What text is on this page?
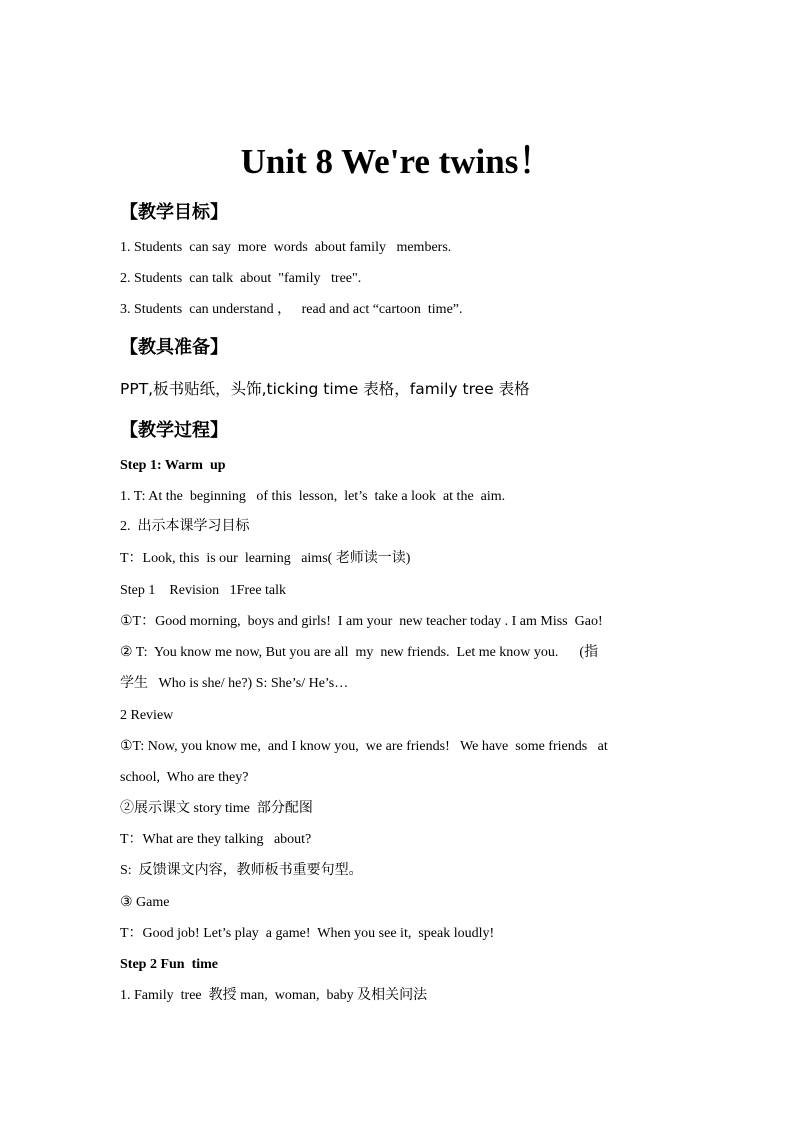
Unit 8 We're twins！
【教学目标】
1. Students  can say  more  words  about family   members.
2. Students  can talk  about  "family   tree".
3. Students  can understand ，   read and act “cartoon  time”.
【教具准备】
PPT,板书贴纸，头饰,ticking time 表格，family tree 表格
【教学过程】
Step 1: Warm  up
1. T: At the  beginning   of this  lesson,  let’s  take a look  at the  aim.
2.  出示本课学习目标
T：Look, this  is our  learning   aims( 老师读一读)
Step 1    Revision   1Free talk
①T：Good morning,  boys and girls!  I am your  new teacher today . I am Miss  Gao!
② T:  You know me now, But you are all  my  new friends.  Let me know you.      (指
学生   Who is she/ he?) S: She’s/ He’s…
2 Review
①T: Now, you know me,  and I know you,  we are friends!   We have  some friends   at
school,  Who are they?
②展示课文 story time  部分配图
T：What are they talking   about?
S:  反馈课文内容，教师板书重要句型。
③ Game
T：Good job! Let’s play  a game!  When you see it,  speak loudly!
Step 2 Fun  time
1. Family  tree  教授 man,  woman,  baby 及相关问法
